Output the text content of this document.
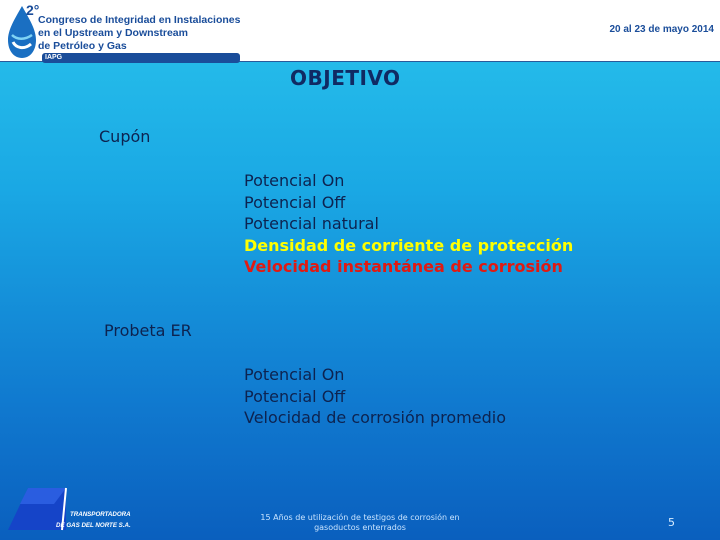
2°
Congreso de Integridad en Instalaciones
en el Upstream y Downstream
de Petróleo y Gas
IAPG
20 al 23 de mayo 2014
OBJETIVO

Cupón

Potencial On
Potencial Off
Potencial natural
Densidad de corriente de protección
Velocidad instantánea de corrosión

Probeta ER

Potencial On
Potencial Off
Velocidad de corrosión promedio
TRANSPORTADORA
DE GAS DEL NORTE S.A.
15 Años de utilización de testigos de corrosión en gasoductos enterrados	5
